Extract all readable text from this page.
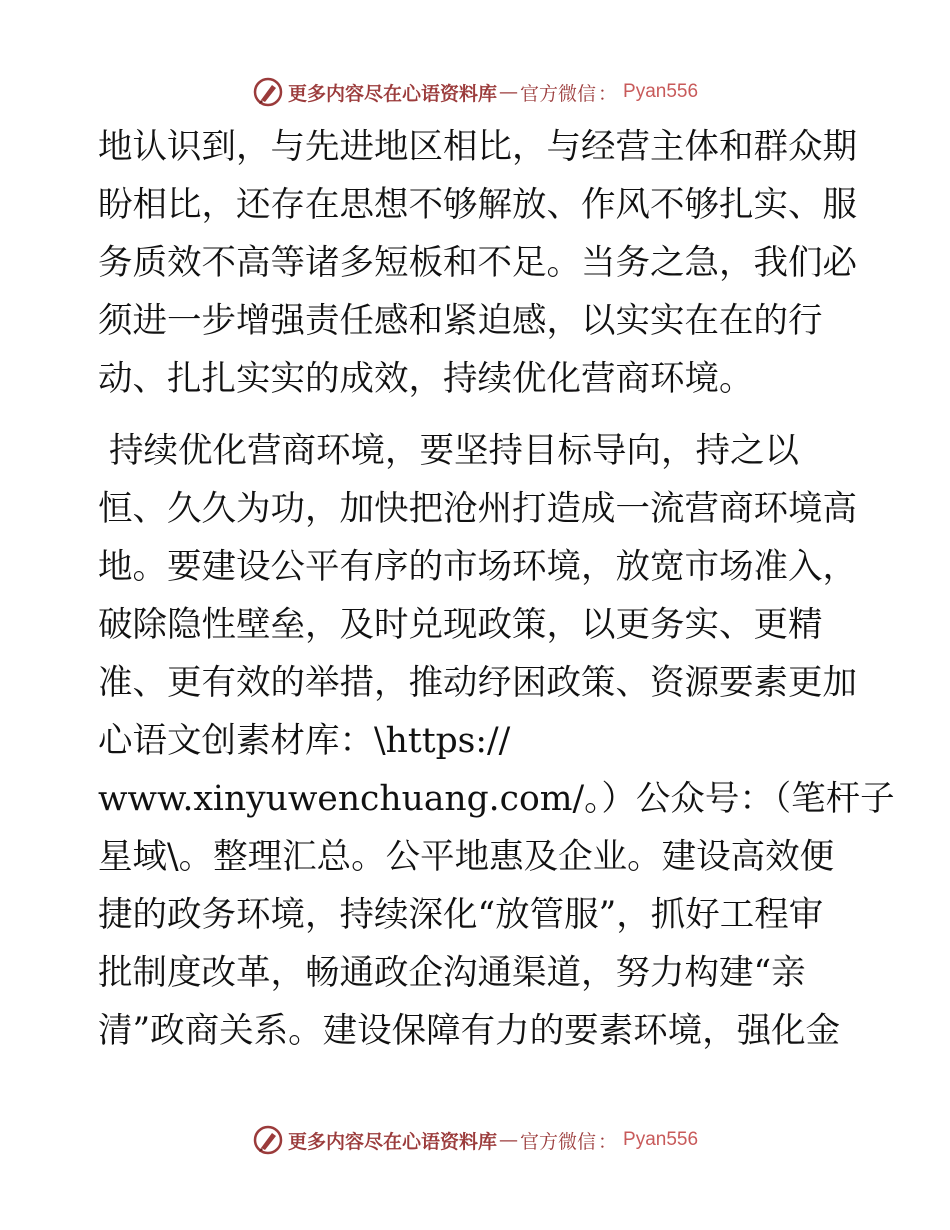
更多内容尽在心语资料库 — 官方微信 ： Pyan556
地认识到，与先进地区相比，与经营主体和群众期
盼相比，还存在思想不够解放、作风不够扎实、服
务质效不高等诸多短板和不足。当务之急，我们必
须进一步增强责任感和紧迫感，以实实在在的行
动、扎扎实实的成效，持续优化营商环境。
持续优化营商环境，要坚持目标导向，持之以
恒、久久为功，加快把沧州打造成一流营商环境高
地。要建设公平有序的市场环境，放宽市场准入，
破除隐性壁垒，及时兑现政策，以更务实、更精
准、更有效的举措，推动纾困政策、资源要素更加
心语文创素材库：\https://
www.xinyuwenchuang.com/。）公众号：（笔杆子
星域\。整理汇总。公平地惠及企业。建设高效便
捷的政务环境，持续深化“放管服”，抓好工程审
批制度改革，畅通政企沟通渠道，努力构建“亲
清”政商关系。建设保障有力的要素环境，强化金
更多内容尽在心语资料库 — 官方微信 ： Pyan556
